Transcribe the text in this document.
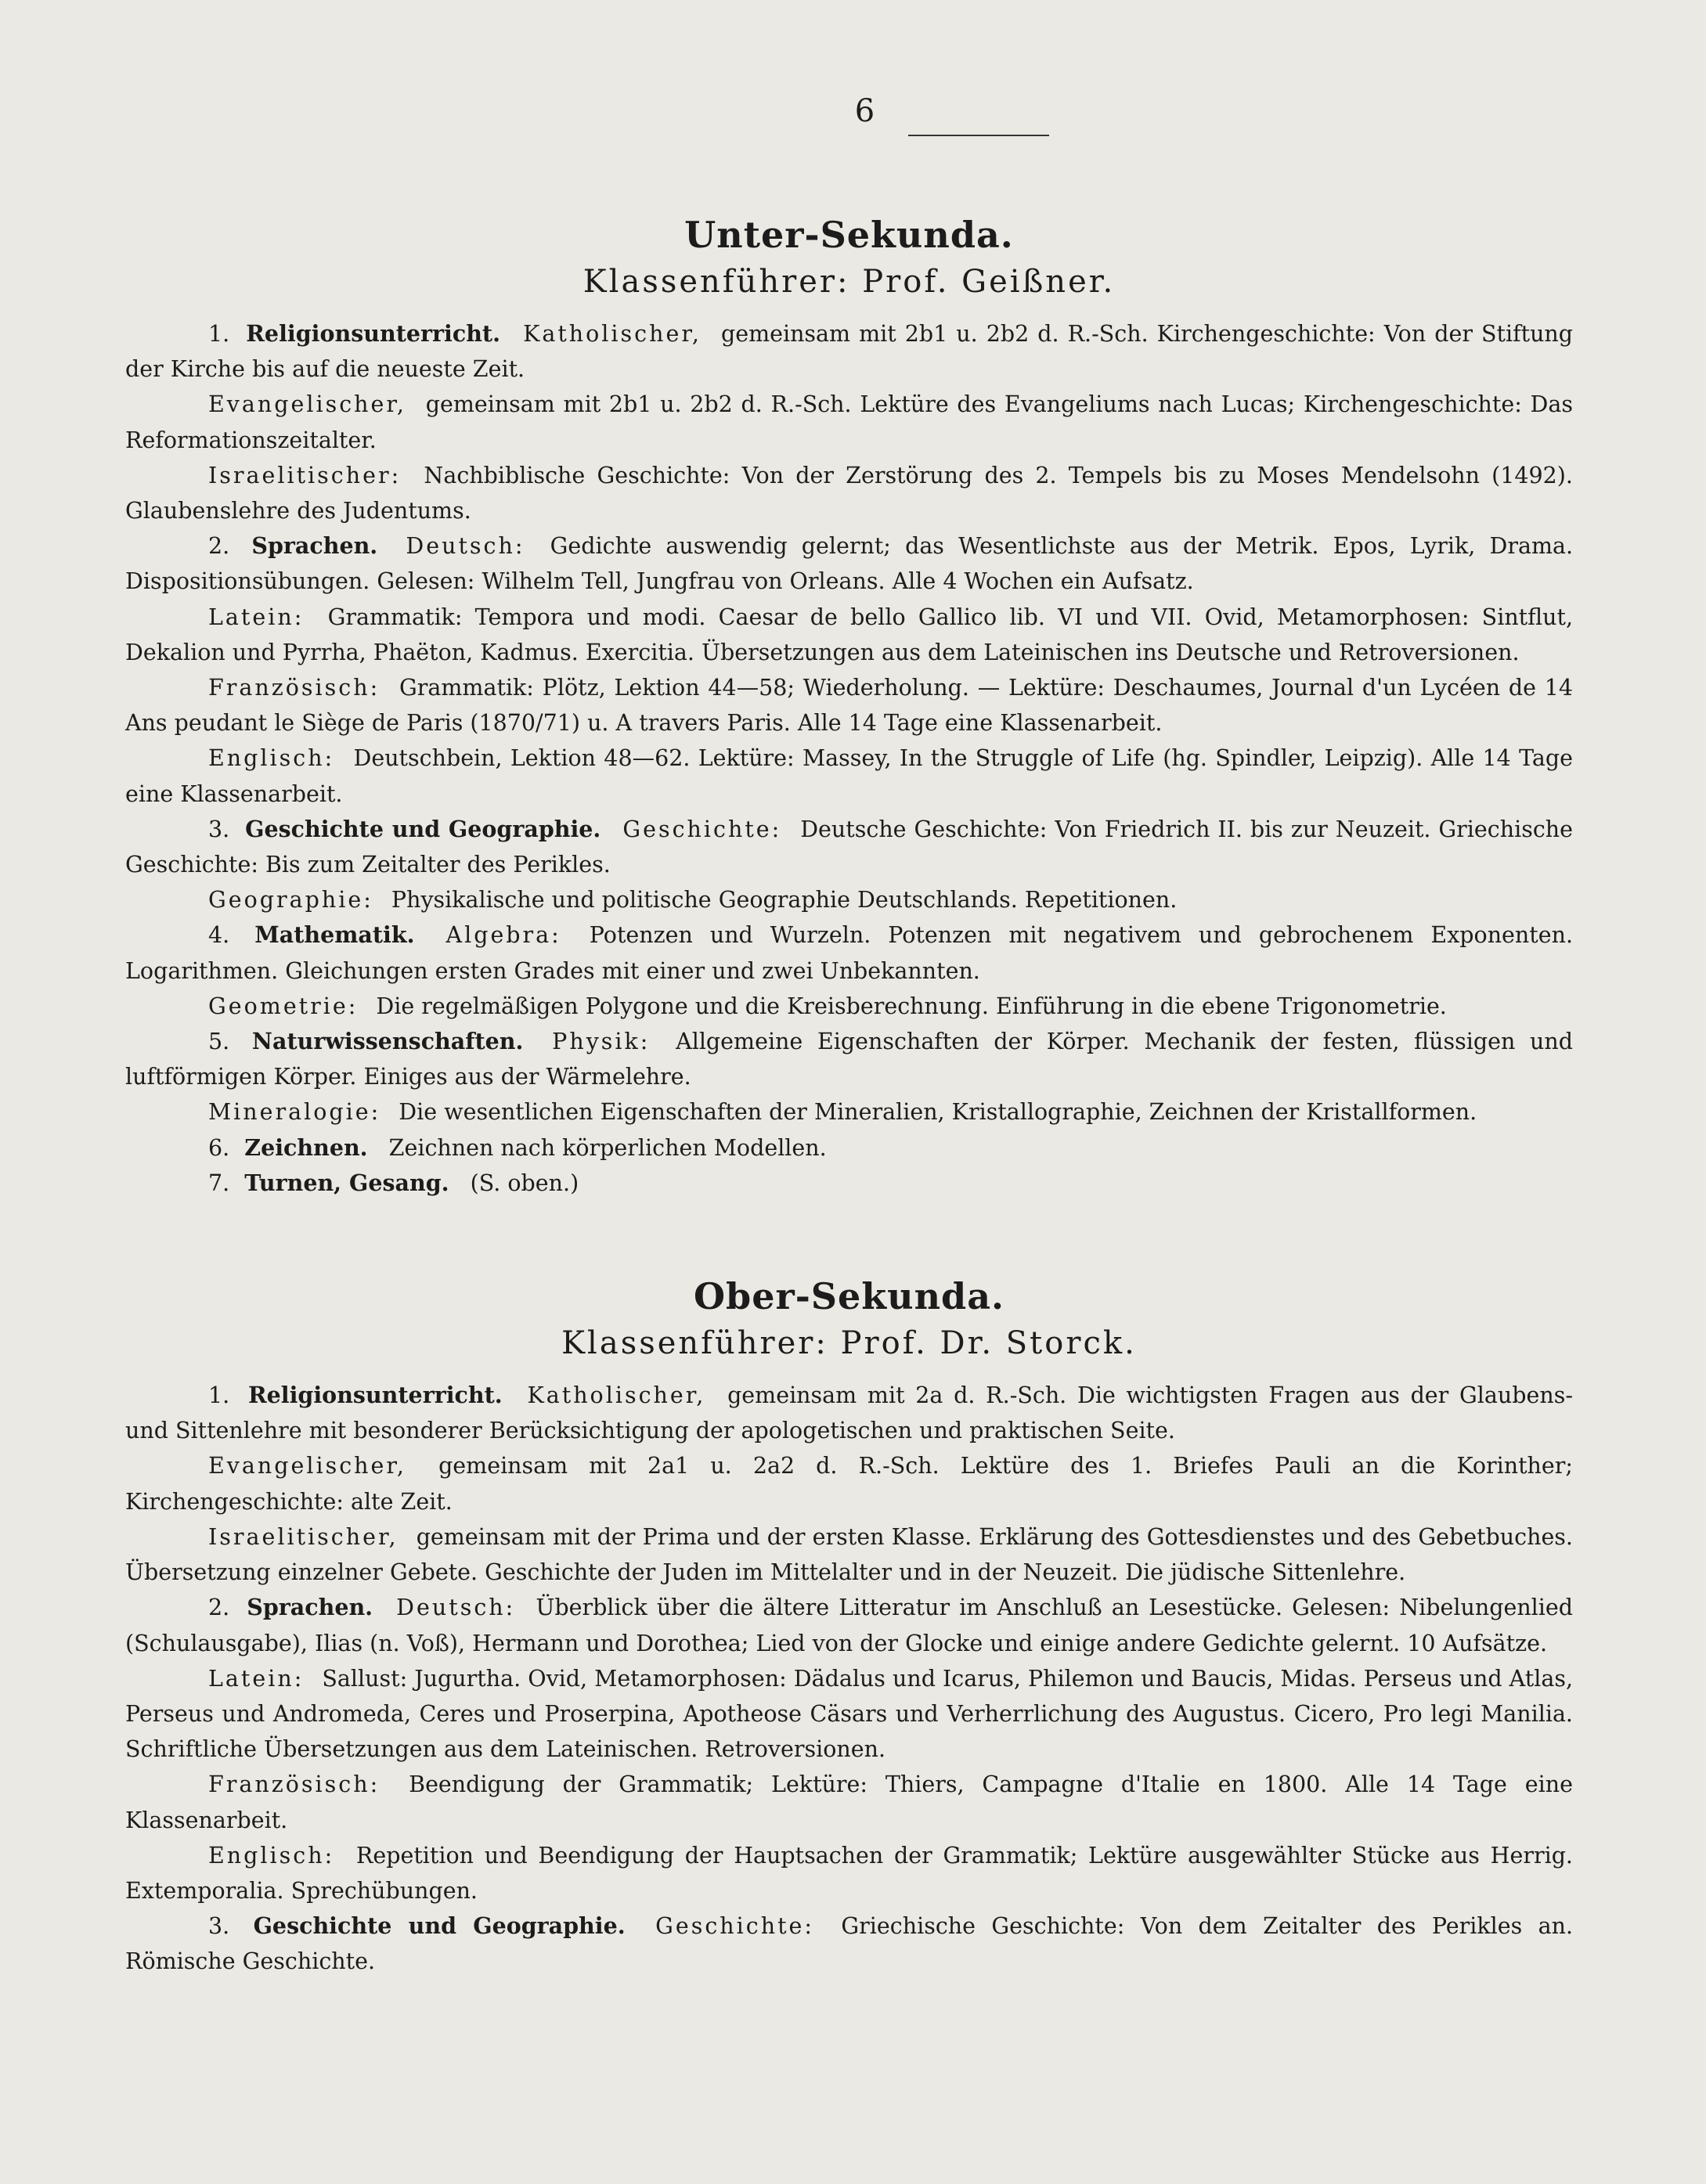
6
Unter-Sekunda.
Klassenführer: Prof. Geißner.

1. Religionsunterricht. Katholischer, gemeinsam mit 2b1 u. 2b2 d. R.-Sch. Kirchengeschichte: Von der Stiftung der Kirche bis auf die neueste Zeit.

Evangelischer, gemeinsam mit 2b1 u. 2b2 d. R.-Sch. Lektüre des Evangeliums nach Lucas; Kirchengeschichte: Das Reformationszeitalter.

Israelitischer: Nachbiblische Geschichte: Von der Zerstörung des 2. Tempels bis zu Moses Mendelsohn (1492). Glaubenslehre des Judentums.

2. Sprachen. Deutsch: Gedichte auswendig gelernt; das Wesentlichste aus der Metrik. Epos, Lyrik, Drama. Dispositionsübungen. Gelesen: Wilhelm Tell, Jungfrau von Orleans. Alle 4 Wochen ein Aufsatz.

Latein: Grammatik: Tempora und modi. Caesar de bello Gallico lib. VI und VII. Ovid, Metamorphosen: Sintflut, Dekalion und Pyrrha, Phaëton, Kadmus. Exercitia. Übersetzungen aus dem Lateinischen ins Deutsche und Retroversionen.

Französisch: Grammatik: Plötz, Lektion 44—58; Wiederholung. — Lektüre: Deschaumes, Journal d'un Lycéen de 14 Ans peudant le Siège de Paris (1870/71) u. A travers Paris. Alle 14 Tage eine Klassenarbeit.

Englisch: Deutschbein, Lektion 48—62. Lektüre: Massey, In the Struggle of Life (hg. Spindler, Leipzig). Alle 14 Tage eine Klassenarbeit.

3. Geschichte und Geographie. Geschichte: Deutsche Geschichte: Von Friedrich II. bis zur Neuzeit. Griechische Geschichte: Bis zum Zeitalter des Perikles.

Geographie: Physikalische und politische Geographie Deutschlands. Repetitionen.

4. Mathematik. Algebra: Potenzen und Wurzeln. Potenzen mit negativem und gebrochenem Exponenten. Logarithmen. Gleichungen ersten Grades mit einer und zwei Unbekannten.

Geometrie: Die regelmäßigen Polygone und die Kreisberechnung. Einführung in die ebene Trigonometrie.

5. Naturwissenschaften. Physik: Allgemeine Eigenschaften der Körper. Mechanik der festen, flüssigen und luftförmigen Körper. Einiges aus der Wärmelehre.

Mineralogie: Die wesentlichen Eigenschaften der Mineralien, Kristallographie, Zeichnen der Kristallformen.

6. Zeichnen. Zeichnen nach körperlichen Modellen.

7. Turnen, Gesang. (S. oben.)

Ober-Sekunda.
Klassenführer: Prof. Dr. Storck.

1. Religionsunterricht. Katholischer, gemeinsam mit 2a d. R.-Sch. Die wichtigsten Fragen aus der Glaubens- und Sittenlehre mit besonderer Berücksichtigung der apologetischen und praktischen Seite.

Evangelischer, gemeinsam mit 2a1 u. 2a2 d. R.-Sch. Lektüre des 1. Briefes Pauli an die Korinther; Kirchengeschichte: alte Zeit.

Israelitischer, gemeinsam mit der Prima und der ersten Klasse. Erklärung des Gottesdienstes und des Gebetbuches. Übersetzung einzelner Gebete. Geschichte der Juden im Mittelalter und in der Neuzeit. Die jüdische Sittenlehre.

2. Sprachen. Deutsch: Überblick über die ältere Litteratur im Anschluß an Lesestücke. Gelesen: Nibelungenlied (Schulausgabe), Ilias (n. Voß), Hermann und Dorothea; Lied von der Glocke und einige andere Gedichte gelernt. 10 Aufsätze.

Latein: Sallust: Jugurtha. Ovid, Metamorphosen: Dädalus und Icarus, Philemon und Baucis, Midas. Perseus und Atlas, Perseus und Andromeda, Ceres und Proserpina, Apotheose Cäsars und Verherrlichung des Augustus. Cicero, Pro legi Manilia. Schriftliche Übersetzungen aus dem Lateinischen. Retroversionen.

Französisch: Beendigung der Grammatik; Lektüre: Thiers, Campagne d'Italie en 1800. Alle 14 Tage eine Klassenarbeit.

Englisch: Repetition und Beendigung der Hauptsachen der Grammatik; Lektüre ausgewählter Stücke aus Herrig. Extemporalia. Sprechübungen.

3. Geschichte und Geographie. Geschichte: Griechische Geschichte: Von dem Zeitalter des Perikles an. Römische Geschichte.
